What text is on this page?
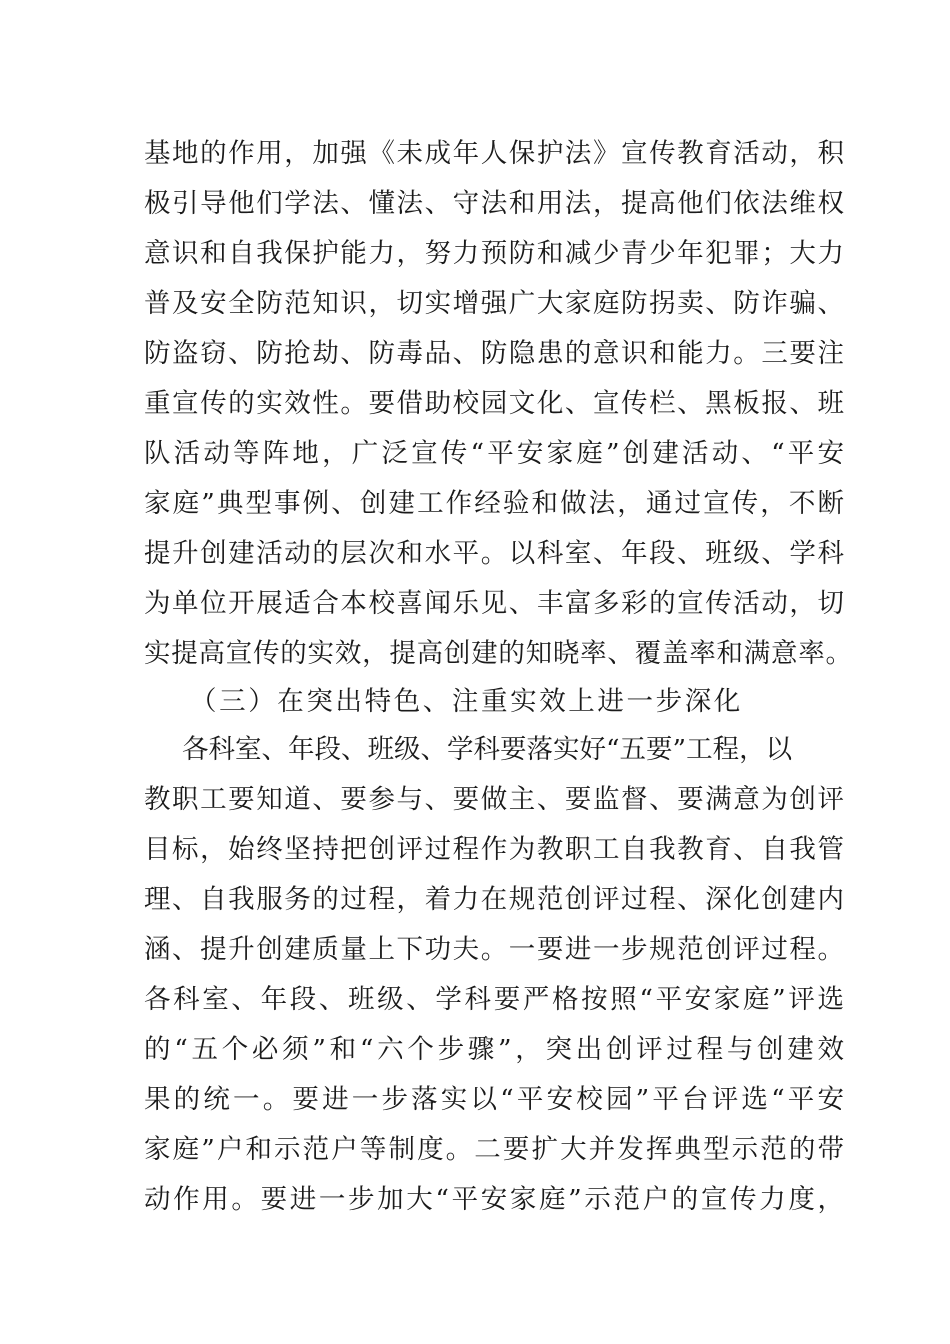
基地的作用，加强《未成年人保护法》宣传教育活动，积
极引导他们学法、懂法、守法和用法，提高他们依法维权
意识和自我保护能力，努力预防和减少青少年犯罪；大力
普及安全防范知识，切实增强广大家庭防拐卖、防诈骗、
防盗窃、防抢劫、防毒品、防隐患的意识和能力。三要注
重宣传的实效性。要借助校园文化、宣传栏、黑板报、班
队活动等阵地，广泛宣传“平安家庭”创建活动、“平安
家庭”典型事例、创建工作经验和做法，通过宣传，不断
提升创建活动的层次和水平。以科室、年段、班级、学科
为单位开展适合本校喜闻乐见、丰富多彩的宣传活动，切
实提高宣传的实效，提高创建的知晓率、覆盖率和满意率。
（三）在突出特色、注重实效上进一步深化
各科室、年段、班级、学科要落实好“五要”工程，以
教职工要知道、要参与、要做主、要监督、要满意为创评
目标，始终坚持把创评过程作为教职工自我教育、自我管
理、自我服务的过程，着力在规范创评过程、深化创建内
涵、提升创建质量上下功夫。一要进一步规范创评过程。
各科室、年段、班级、学科要严格按照“平安家庭”评选
的“五个必须”和“六个步骤”，突出创评过程与创建效
果的统一。要进一步落实以“平安校园”平台评选“平安
家庭”户和示范户等制度。二要扩大并发挥典型示范的带
动作用。要进一步加大“平安家庭”示范户的宣传力度，
